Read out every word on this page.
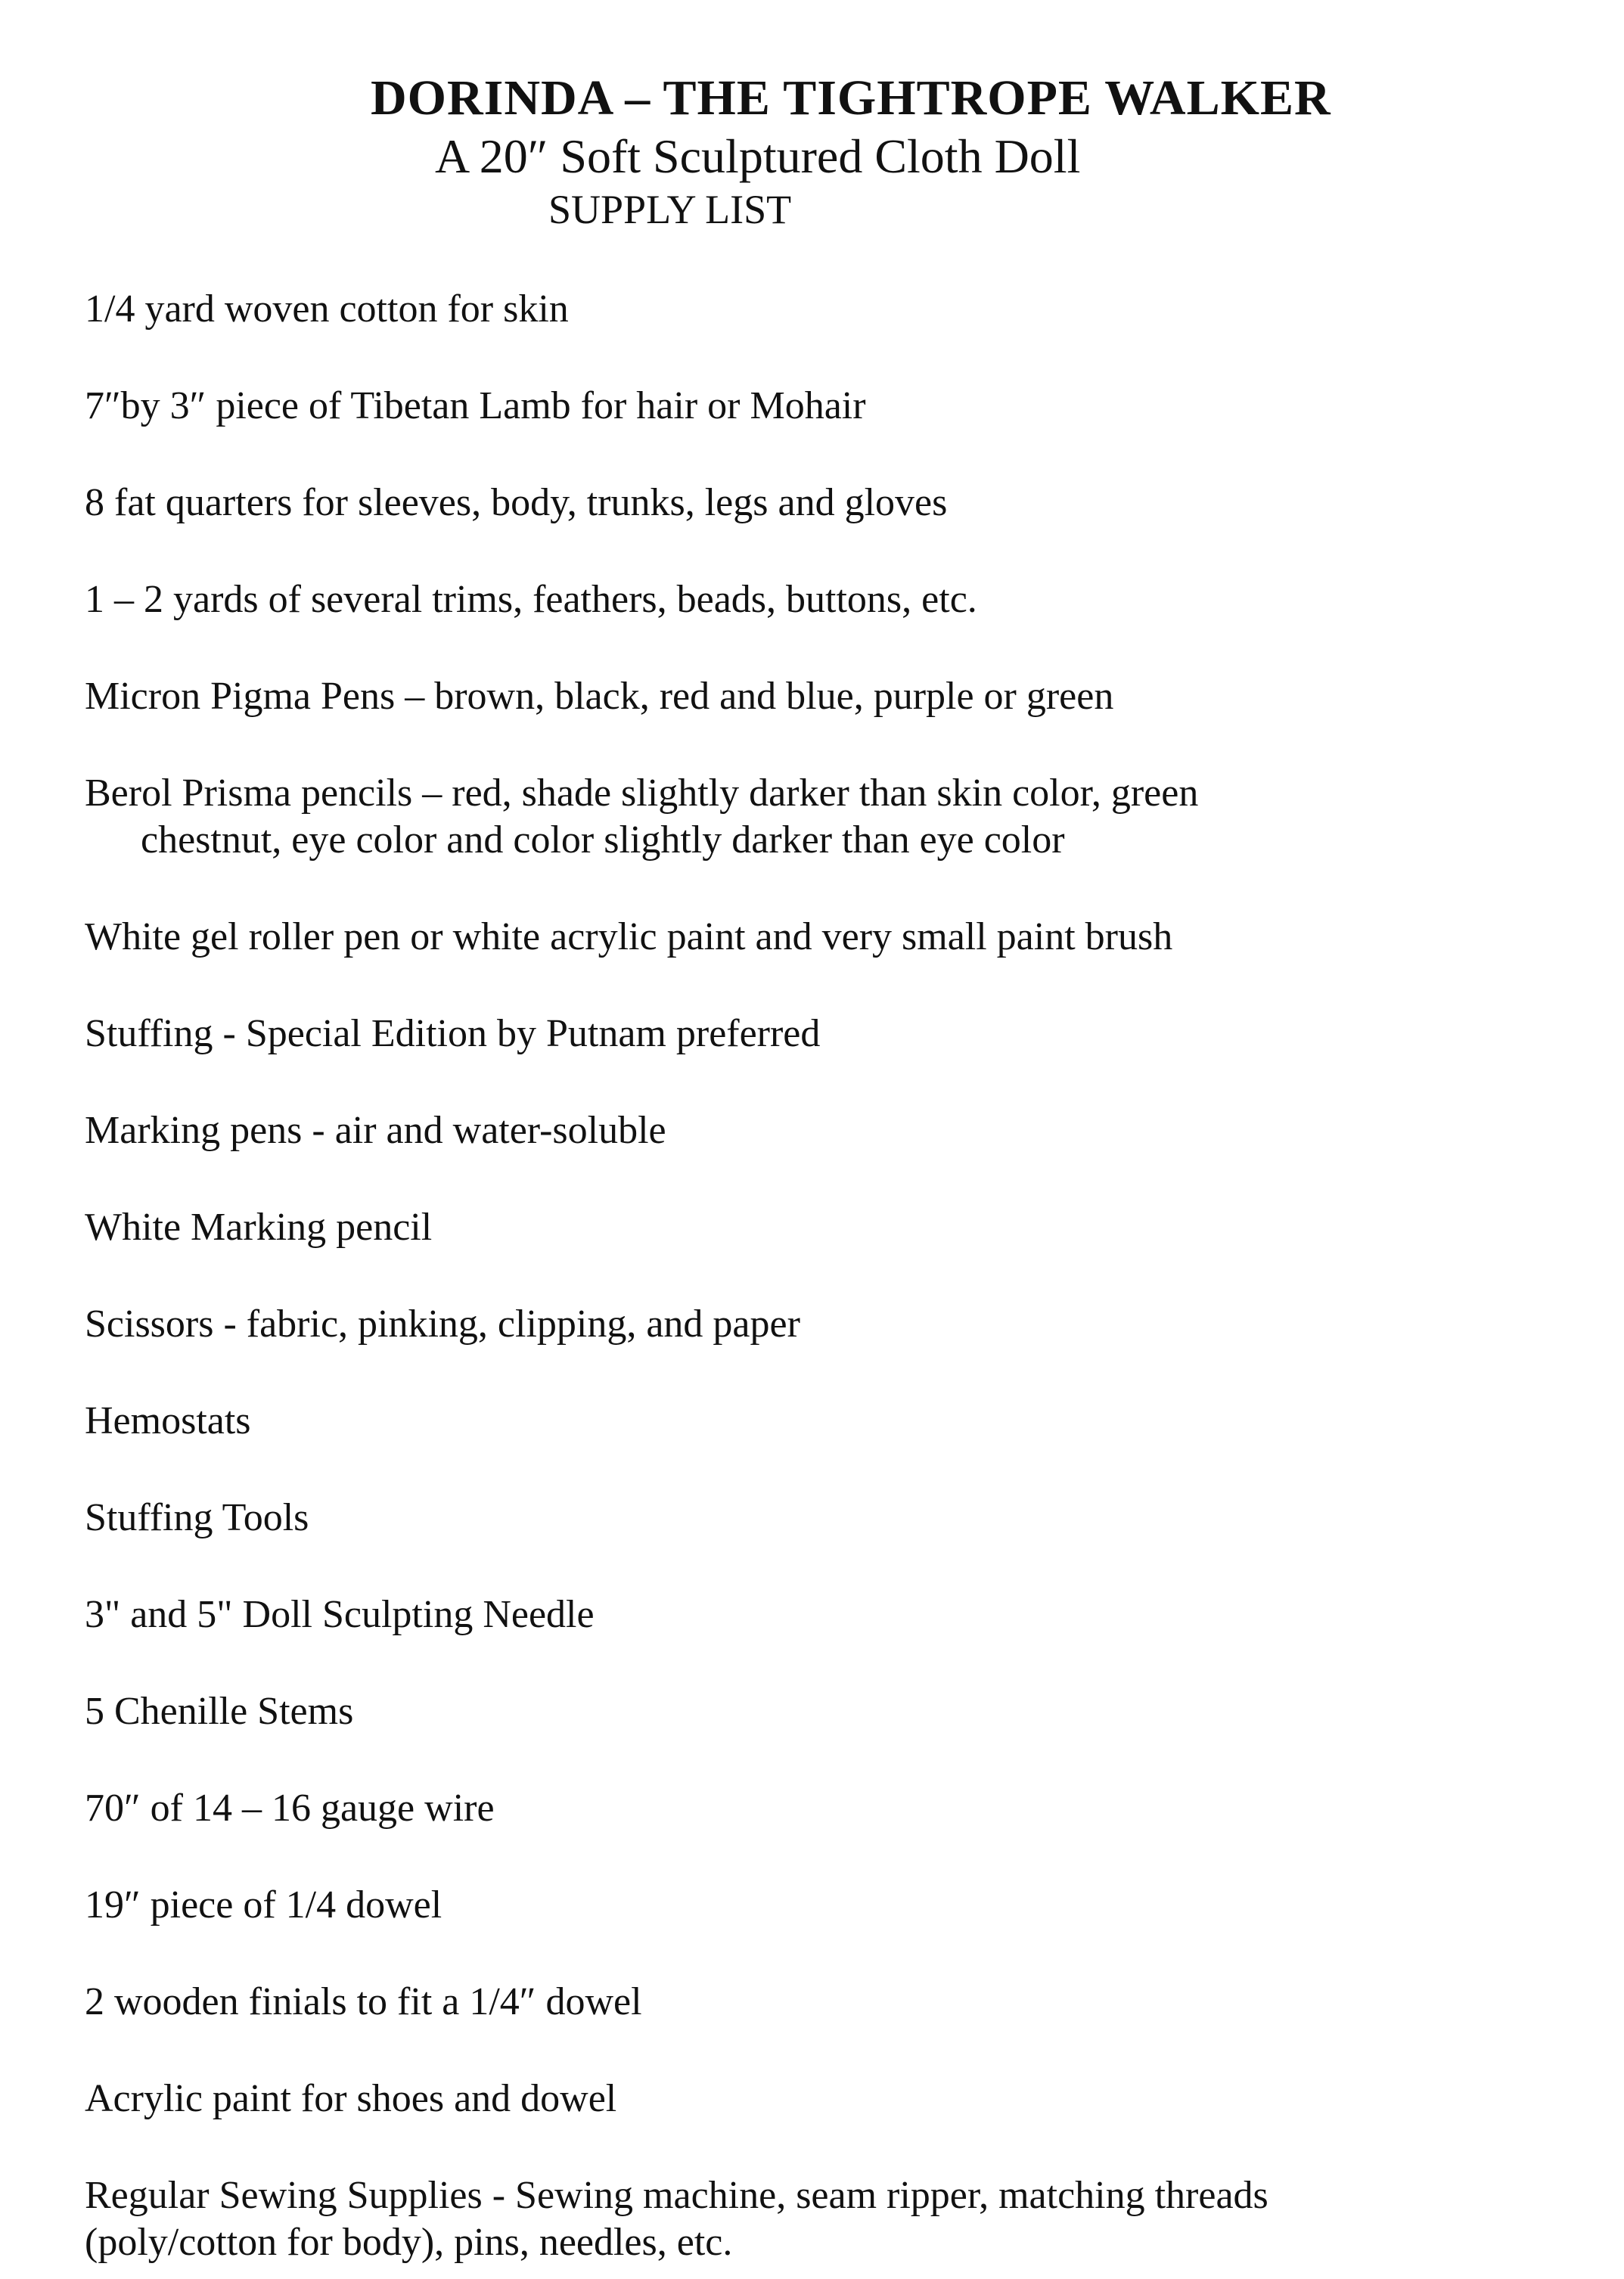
DORINDA – THE TIGHTROPE WALKER
A 20″ Soft Sculptured Cloth Doll
SUPPLY LIST
1/4 yard woven cotton for skin
7″by 3″ piece of Tibetan Lamb for hair or Mohair
8 fat quarters for sleeves, body, trunks, legs and gloves
1 – 2 yards of several trims, feathers, beads, buttons, etc.
Micron Pigma Pens – brown, black, red and blue, purple or green
Berol Prisma pencils – red, shade slightly darker than skin color, green
chestnut, eye color and color slightly darker than eye color
White gel roller pen or white acrylic paint and very small paint brush
Stuffing - Special Edition by Putnam preferred
Marking pens - air and water-soluble
White Marking pencil
Scissors - fabric, pinking, clipping, and paper
Hemostats
Stuffing Tools
3" and 5" Doll Sculpting Needle
5 Chenille Stems
70″ of 14 – 16 gauge wire
19″ piece of 1/4 dowel
2 wooden finials to fit a 1/4″ dowel
Acrylic paint for shoes and dowel
Regular Sewing Supplies - Sewing machine, seam ripper, matching threads
(poly/cotton for body), pins, needles, etc.
